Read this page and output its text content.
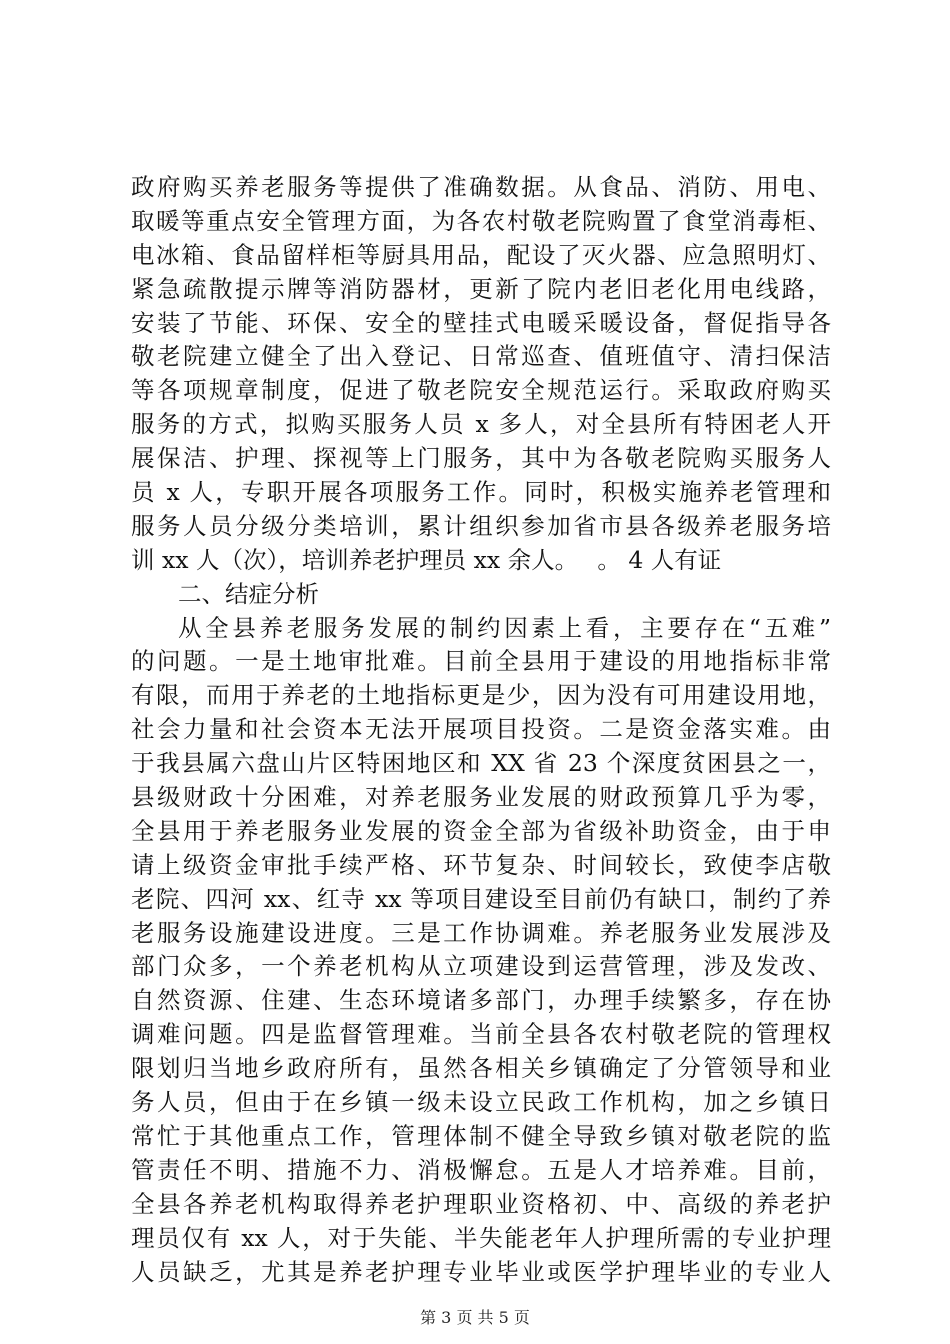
政府购买养老服务等提供了准确数据。从食品、消防、用电、
取暖等重点安全管理方面，为各农村敬老院购置了食堂消毒柜、
电冰箱、食品留样柜等厨具用品，配设了灭火器、应急照明灯、
紧急疏散提示牌等消防器材，更新了院内老旧老化用电线路，
安装了节能、环保、安全的壁挂式电暖采暖设备，督促指导各
敬老院建立健全了出入登记、日常巡查、值班值守、清扫保洁
等各项规章制度，促进了敬老院安全规范运行。采取政府购买
服务的方式，拟购买服务人员 x 多人，对全县所有特困老人开
展保洁、护理、探视等上门服务，其中为各敬老院购买服务人
员 x 人，专职开展各项服务工作。同时，积极实施养老管理和
服务人员分级分类培训，累计组织参加省市县各级养老服务培
训 xx 人（次），培训养老护理员 xx 余人。　 。 4 人有证
二、结症分析
从全县养老服务发展的制约因素上看，主要存在“五难”
的问题。一是土地审批难。目前全县用于建设的用地指标非常
有限，而用于养老的土地指标更是少，因为没有可用建设用地，
社会力量和社会资本无法开展项目投资。二是资金落实难。由
于我县属六盘山片区特困地区和 XX 省 23 个深度贫困县之一，
县级财政十分困难，对养老服务业发展的财政预算几乎为零，
全县用于养老服务业发展的资金全部为省级补助资金，由于申
请上级资金审批手续严格、环节复杂、时间较长，致使李店敬
老院、四河 xx、红寺 xx 等项目建设至目前仍有缺口，制约了养
老服务设施建设进度。三是工作协调难。养老服务业发展涉及
部门众多，一个养老机构从立项建设到运营管理，涉及发改、
自然资源、住建、生态环境诸多部门，办理手续繁多，存在协
调难问题。四是监督管理难。当前全县各农村敬老院的管理权
限划归当地乡政府所有，虽然各相关乡镇确定了分管领导和业
务人员，但由于在乡镇一级未设立民政工作机构，加之乡镇日
常忙于其他重点工作，管理体制不健全导致乡镇对敬老院的监
管责任不明、措施不力、消极懈怠。五是人才培养难。目前，
全县各养老机构取得养老护理职业资格初、中、高级的养老护
理员仅有 xx 人，对于失能、半失能老年人护理所需的专业护理
人员缺乏，尤其是养老护理专业毕业或医学护理毕业的专业人
第 3 页 共 5 页
